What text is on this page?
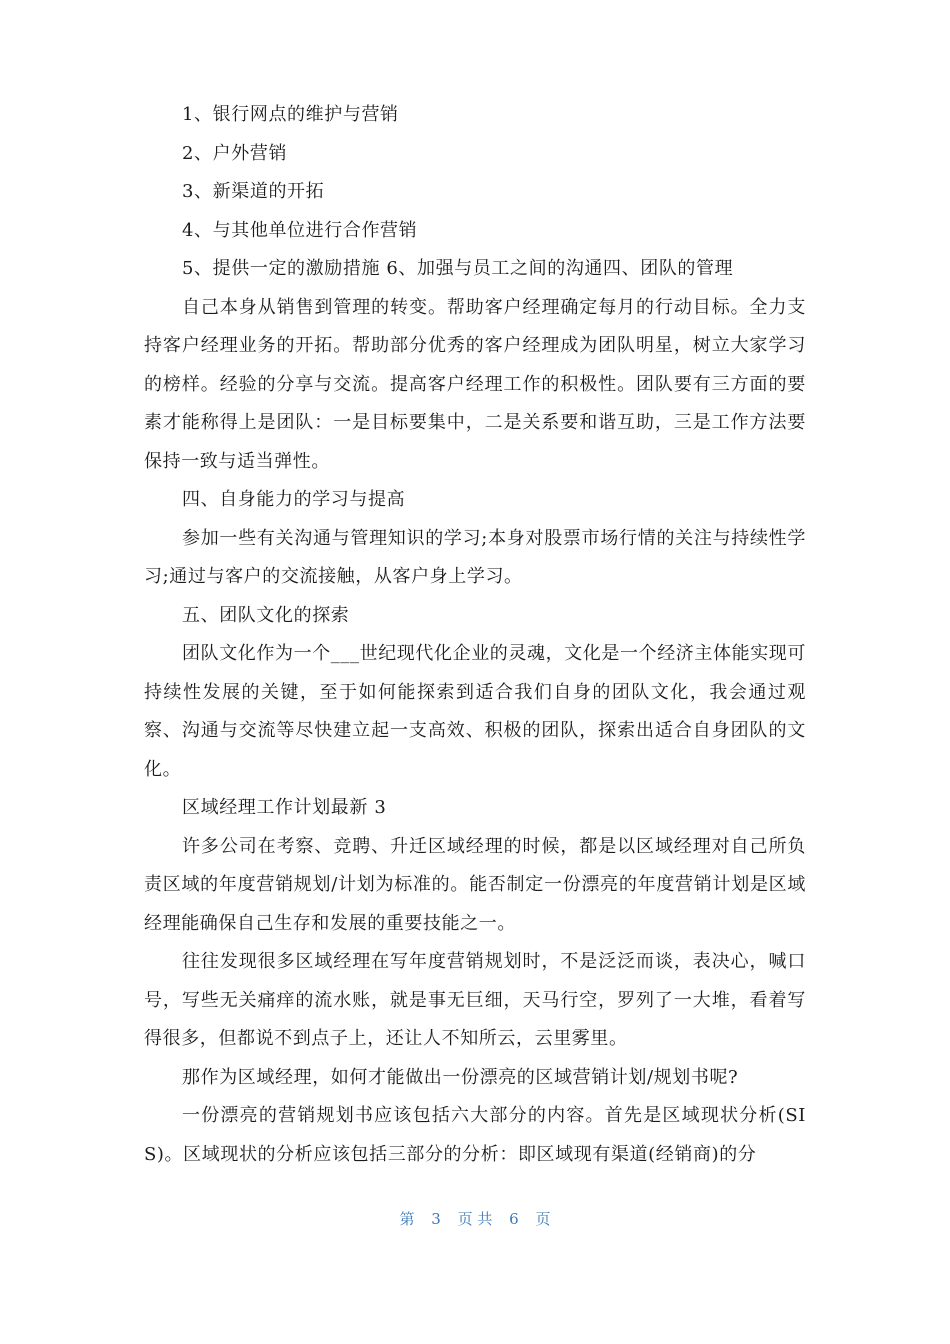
1、银行网点的维护与营销

2、户外营销

3、新渠道的开拓

4、与其他单位进行合作营销

5、提供一定的激励措施 6、加强与员工之间的沟通四、团队的管理

自己本身从销售到管理的转变。帮助客户经理确定每月的行动目标。全力支持客户经理业务的开拓。帮助部分优秀的客户经理成为团队明星，树立大家学习的榜样。经验的分享与交流。提高客户经理工作的积极性。团队要有三方面的要素才能称得上是团队：一是目标要集中，二是关系要和谐互助，三是工作方法要保持一致与适当弹性。

四、自身能力的学习与提高

参加一些有关沟通与管理知识的学习;本身对股票市场行情的关注与持续性学习;通过与客户的交流接触，从客户身上学习。

五、团队文化的探索

团队文化作为一个___世纪现代化企业的灵魂，文化是一个经济主体能实现可持续性发展的关键，至于如何能探索到适合我们自身的团队文化，我会通过观察、沟通与交流等尽快建立起一支高效、积极的团队，探索出适合自身团队的文化。

区域经理工作计划最新 3

许多公司在考察、竞聘、升迁区域经理的时候，都是以区域经理对自己所负责区域的年度营销规划/计划为标准的。能否制定一份漂亮的年度营销计划是区域经理能确保自己生存和发展的重要技能之一。

往往发现很多区域经理在写年度营销规划时，不是泛泛而谈，表决心，喊口号，写些无关痛痒的流水账，就是事无巨细，天马行空，罗列了一大堆，看着写得很多，但都说不到点子上，还让人不知所云，云里雾里。

那作为区域经理，如何才能做出一份漂亮的区域营销计划/规划书呢?

一份漂亮的营销规划书应该包括六大部分的内容。首先是区域现状分析(SIS)。区域现状的分析应该包括三部分的分析：即区域现有渠道(经销商)的分

第 3 页 共 6 页
